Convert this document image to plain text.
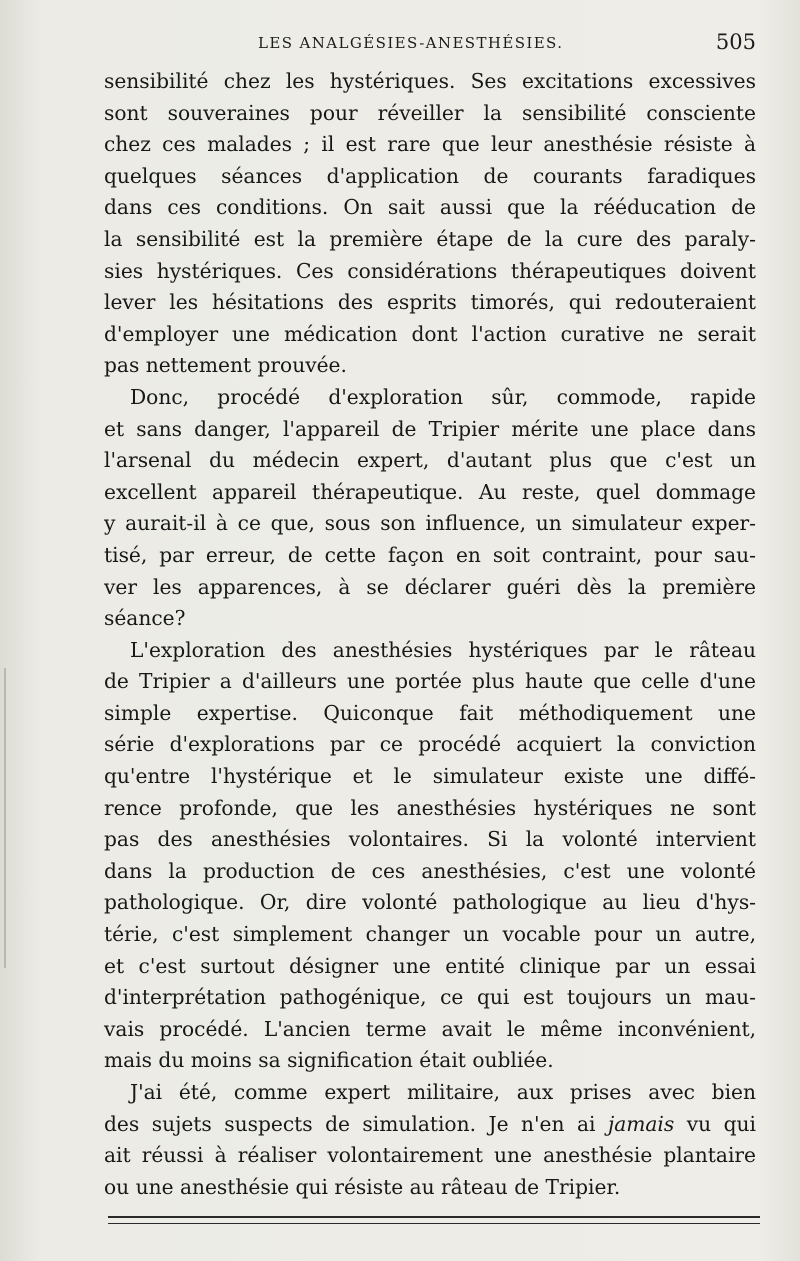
LES ANALGÉSIES-ANESTHÉSIES.	505
sensibilité chez les hystériques. Ses excitations excessives
sont souveraines pour réveiller la sensibilité consciente
chez ces malades ; il est rare que leur anesthésie résiste à
quelques séances d'application de courants faradiques
dans ces conditions. On sait aussi que la rééducation de
la sensibilité est la première étape de la cure des paraly-
sies hystériques. Ces considérations thérapeutiques doivent
lever les hésitations des esprits timorés, qui redouteraient
d'employer une médication dont l'action curative ne serait
pas nettement prouvée.
Donc, procédé d'exploration sûr, commode, rapide
et sans danger, l'appareil de Tripier mérite une place dans
l'arsenal du médecin expert, d'autant plus que c'est un
excellent appareil thérapeutique. Au reste, quel dommage
y aurait-il à ce que, sous son influence, un simulateur exper-
tisé, par erreur, de cette façon en soit contraint, pour sau-
ver les apparences, à se déclarer guéri dès la première
séance?
L'exploration des anesthésies hystériques par le râteau
de Tripier a d'ailleurs une portée plus haute que celle d'une
simple expertise. Quiconque fait méthodiquement une
série d'explorations par ce procédé acquiert la conviction
qu'entre l'hystérique et le simulateur existe une diffé-
rence profonde, que les anesthésies hystériques ne sont
pas des anesthésies volontaires. Si la volonté intervient
dans la production de ces anesthésies, c'est une volonté
pathologique. Or, dire volonté pathologique au lieu d'hys-
térie, c'est simplement changer un vocable pour un autre,
et c'est surtout désigner une entité clinique par un essai
d'interprétation pathogénique, ce qui est toujours un mau-
vais procédé. L'ancien terme avait le même inconvénient,
mais du moins sa signification était oubliée.
J'ai été, comme expert militaire, aux prises avec bien
des sujets suspects de simulation. Je n'en ai jamais vu qui
ait réussi à réaliser volontairement une anesthésie plantaire
ou une anesthésie qui résiste au râteau de Tripier.
